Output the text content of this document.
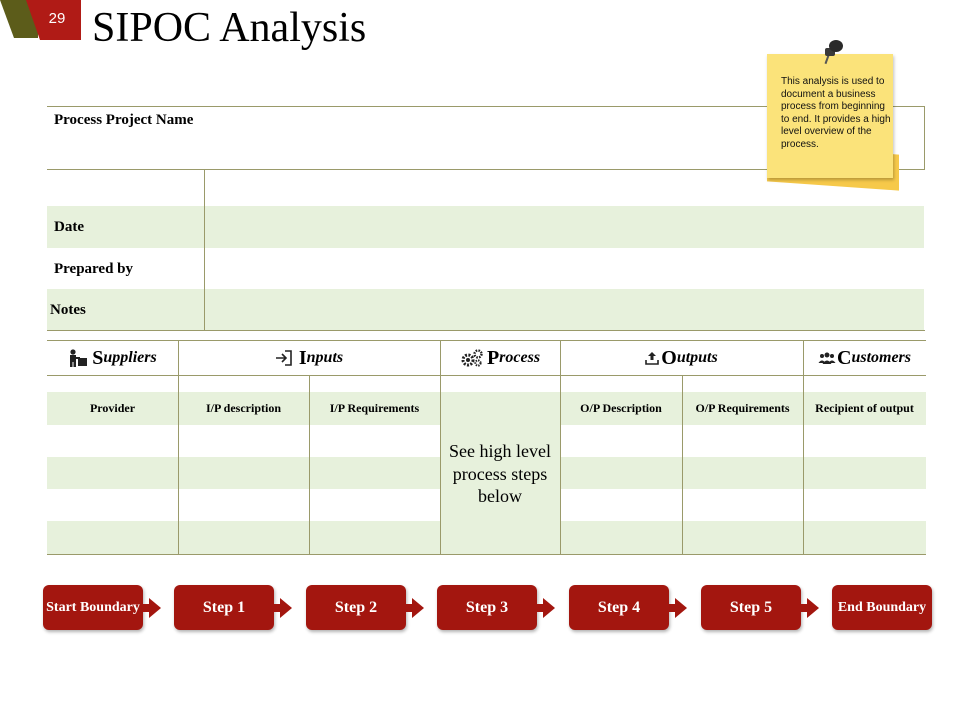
29 SIPOC Analysis
Process Project Name
Date
Prepared by
Notes
This analysis is used to document a business process from beginning to end. It provides a high level overview of the process.
S uppliers	I nputs	P rocess	O utputs	C ustomers
Provider	I/P description	I/P Requirements	O/P Description	O/P Requirements	Recipient of output
See high level process steps below
Start Boundary	Step 1	Step 2	Step 3	Step 4	Step 5	End Boundary
